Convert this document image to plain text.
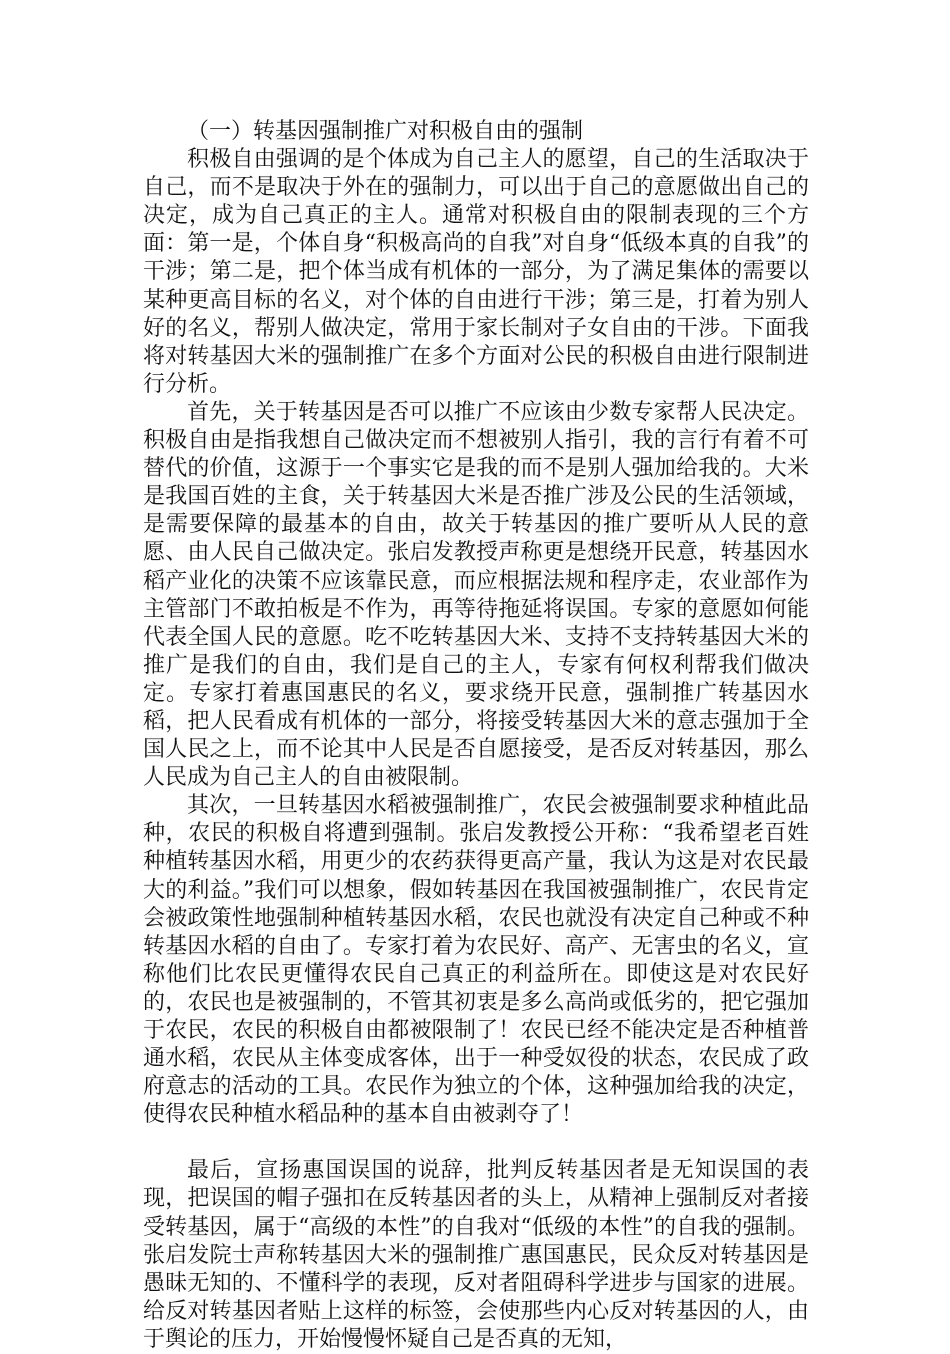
（一）转基因强制推广对积极自由的强制

积极自由强调的是个体成为自己主人的愿望，自己的生活取决于自己，而不是取决于外在的强制力，可以出于自己的意愿做出自己的决定，成为自己真正的主人。通常对积极自由的限制表现的三个方面：第一是，个体自身“积极高尚的自我”对自身“低级本真的自我”的干涉；第二是，把个体当成有机体的一部分，为了满足集体的需要以某种更高目标的名义，对个体的自由进行干涉；第三是，打着为别人好的名义，帮别人做决定，常用于家长制对子女自由的干涉。下面我将对转基因大米的强制推广在多个方面对公民的积极自由进行限制进行分析。

首先，关于转基因是否可以推广不应该由少数专家帮人民决定。积极自由是指我想自己做决定而不想被别人指引，我的言行有着不可替代的价值，这源于一个事实它是我的而不是别人强加给我的。大米是我国百姓的主食，关于转基因大米是否推广涉及公民的生活领域，是需要保障的最基本的自由，故关于转基因的推广要听从人民的意愿、由人民自己做决定。张启发教授声称更是想绕开民意，转基因水稻产业化的决策不应该靠民意，而应根据法规和程序走，农业部作为主管部门不敢拍板是不作为，再等待拖延将误国。专家的意愿如何能代表全国人民的意愿。吃不吃转基因大米、支持不支持转基因大米的推广是我们的自由，我们是自己的主人，专家有何权利帮我们做决定。专家打着惠国惠民的名义，要求绕开民意，强制推广转基因水稻，把人民看成有机体的一部分，将接受转基因大米的意志强加于全国人民之上，而不论其中人民是否自愿接受，是否反对转基因，那么人民成为自己主人的自由被限制。

其次，一旦转基因水稻被强制推广，农民会被强制要求种植此品种，农民的积极自将遭到强制。张启发教授公开称：“我希望老百姓种植转基因水稻，用更少的农药获得更高产量，我认为这是对农民最大的利益。”我们可以想象，假如转基因在我国被强制推广，农民肯定会被政策性地强制种植转基因水稻，农民也就没有决定自己种或不种转基因水稻的自由了。专家打着为农民好、高产、无害虫的名义，宣称他们比农民更懂得农民自己真正的利益所在。即使这是对农民好的，农民也是被强制的，不管其初衷是多么高尚或低劣的，把它强加于农民，农民的积极自由都被限制了！农民已经不能决定是否种植普通水稻，农民从主体变成客体，出于一种受奴役的状态，农民成了政府意志的活动的工具。农民作为独立的个体，这种强加给我的决定，使得农民种植水稻品种的基本自由被剥夺了！

最后，宣扬惠国误国的说辞，批判反转基因者是无知误国的表现，把误国的帽子强扣在反转基因者的头上，从精神上强制反对者接受转基因，属于“高级的本性”的自我对“低级的本性”的自我的强制。张启发院士声称转基因大米的强制推广惠国惠民，民众反对转基因是愚昧无知的、不懂科学的表现，反对者阻碍科学进步与国家的进展。给反对转基因者贴上这样的标签，会使那些内心反对转基因的人，由于舆论的压力，开始慢慢怀疑自己是否真的无知，
